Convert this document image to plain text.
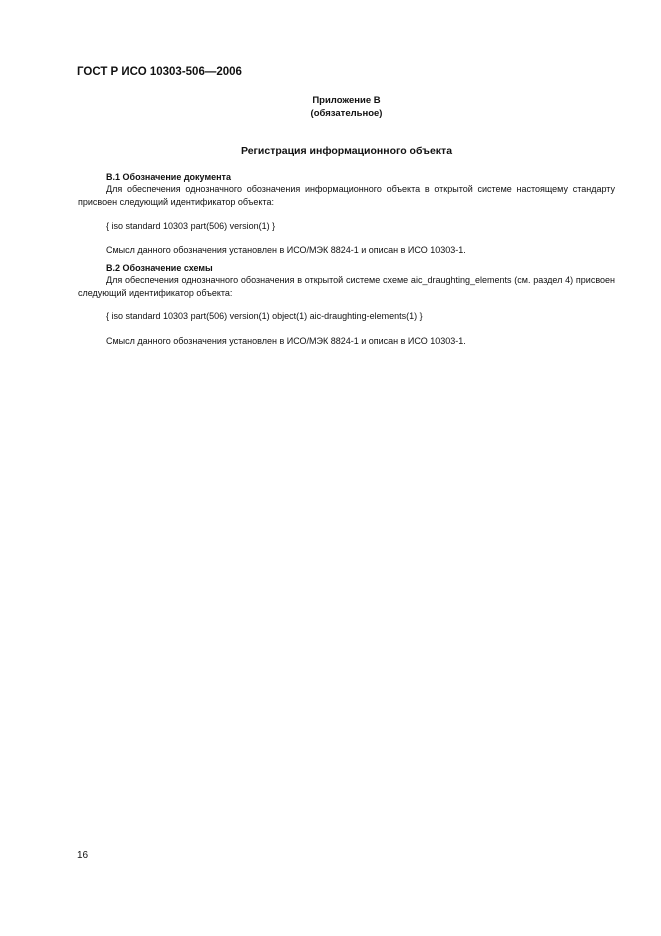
ГОСТ Р ИСО 10303-506—2006
Приложение В
(обязательное)
Регистрация информационного объекта
В.1 Обозначение документа
Для обеспечения однозначного обозначения информационного объекта в открытой системе настоящему стандарту присвоен следующий идентификатор объекта:
{ iso standard 10303 part(506) version(1) }
Смысл данного обозначения установлен в ИСО/МЭК 8824-1 и описан в ИСО 10303-1.
В.2 Обозначение схемы
Для обеспечения однозначного обозначения в открытой системе схеме aic_draughting_elements (см. раздел 4) присвоен следующий идентификатор объекта:
{ iso standard 10303 part(506) version(1) object(1) aic-draughting-elements(1) }
Смысл данного обозначения установлен в ИСО/МЭК 8824-1 и описан в ИСО 10303-1.
16
